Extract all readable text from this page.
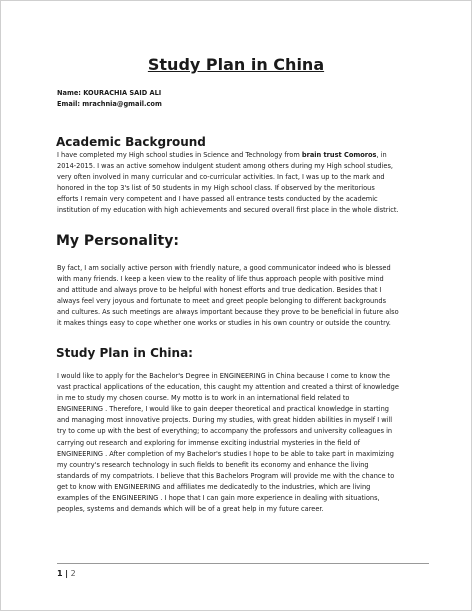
Study Plan in China
Name: KOURACHIA SAID ALI
Email: mrachnia@gmail.com
Academic Background
I have completed my High school studies in Science and Technology from brain trust Comoros, in
2014-2015. I was an active somehow indulgent student among others during my High school studies,
very often involved in many curricular and co-curricular activities. In fact, I was up to the mark and
honored in the top 3's list of 50 students in my High school class. If observed by the meritorious
efforts I remain very competent and I have passed all entrance tests conducted by the academic
institution of my education with high achievements and secured overall first place in the whole district.
My Personality:
By fact, I am socially active person with friendly nature, a good communicator indeed who is blessed
with many friends. I keep a keen view to the reality of life thus approach people with positive mind
and attitude and always prove to be helpful with honest efforts and true dedication. Besides that I
always feel very joyous and fortunate to meet and greet people belonging to different backgrounds
and cultures. As such meetings are always important because they prove to be beneficial in future also
it makes things easy to cope whether one works or studies in his own country or outside the country.
Study Plan in China:
I would like to apply for the Bachelor's Degree in ENGINEERING in China because I come to know the
vast practical applications of the education, this caught my attention and created a thirst of knowledge
in me to study my chosen course. My motto is to work in an international field related to
ENGINEERING . Therefore, I would like to gain deeper theoretical and practical knowledge in starting
and managing most innovative projects. During my studies, with great hidden abilities in myself I will
try to come up with the best of everything; to accompany the professors and university colleagues in
carrying out research and exploring for immense exciting industrial mysteries in the field of
ENGINEERING . After completion of my Bachelor's studies I hope to be able to take part in maximizing
my country's research technology in such fields to benefit its economy and enhance the living
standards of my compatriots. I believe that this Bachelors Program will provide me with the chance to
get to know with ENGINEERING and affiliates me dedicatedly to the industries, which are living
examples of the ENGINEERING . I hope that I can gain more experience in dealing with situations,
peoples, systems and demands which will be of a great help in my future career.
1 | 2
